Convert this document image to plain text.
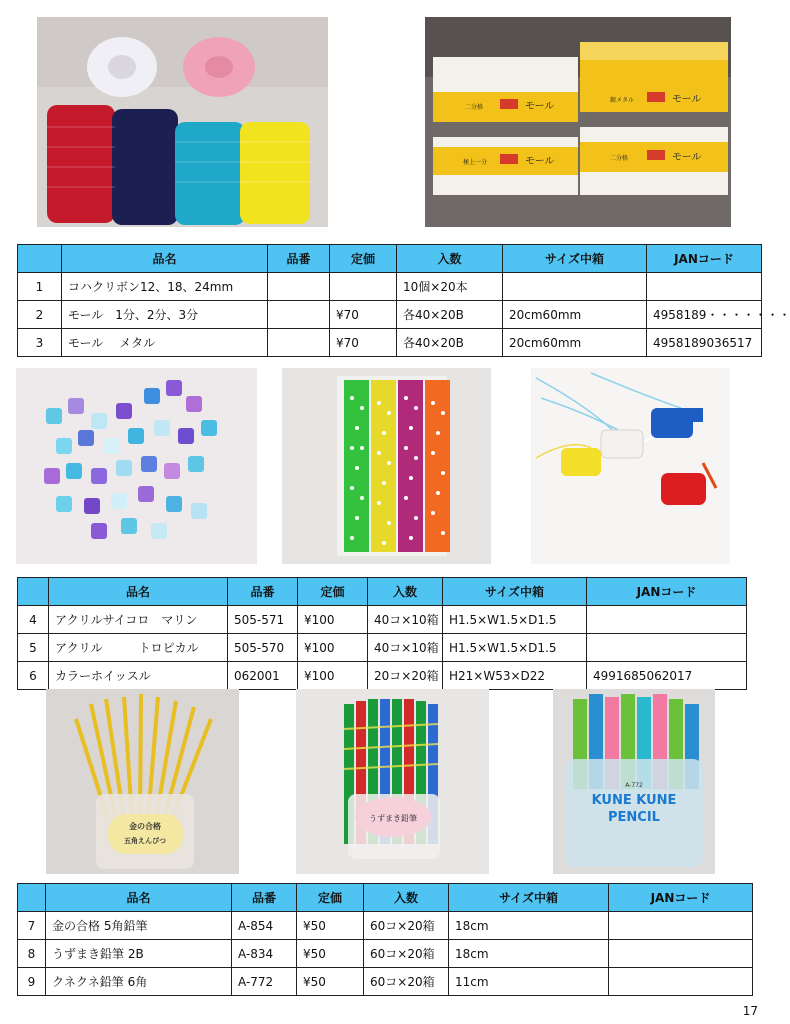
モール
二分格
モール
銀メタル
モール
極上一分	モール
二分格
	品名	品番	定価	入数	サイズ中箱	JANコード
1	コハクリボン12、18、24mm			10個×20本		
2	モール　1分、2分、3分		¥70	各40×20B	20cm60mm	4958189・・・・・・・
3	モール　 メタル		¥70	各40×20B	20cm60mm	4958189036517
	品名	品番	定価	入数	サイズ中箱	JANコード
4	アクリルサイコロ　マリン	505-571	¥100	40コ×10箱	H1.5×W1.5×D1.5	
5	アクリル　　　トロピカル	505-570	¥100	40コ×10箱	H1.5×W1.5×D1.5	
6	カラーホイッスル	062001	¥100	20コ×20箱	H21×W53×D22	4991685062017
金の合格
五角えんぴつ
うずまき鉛筆
A-772
KUNE KUNE
PENCIL
	品名	品番	定価	入数	サイズ中箱	JANコード
7	金の合格 5角鉛筆	A-854	¥50	60コ×20箱	18cm	
8	うずまき鉛筆 2B	A-834	¥50	60コ×20箱	18cm	
9	クネクネ鉛筆 6角	A-772	¥50	60コ×20箱	11cm	
17
